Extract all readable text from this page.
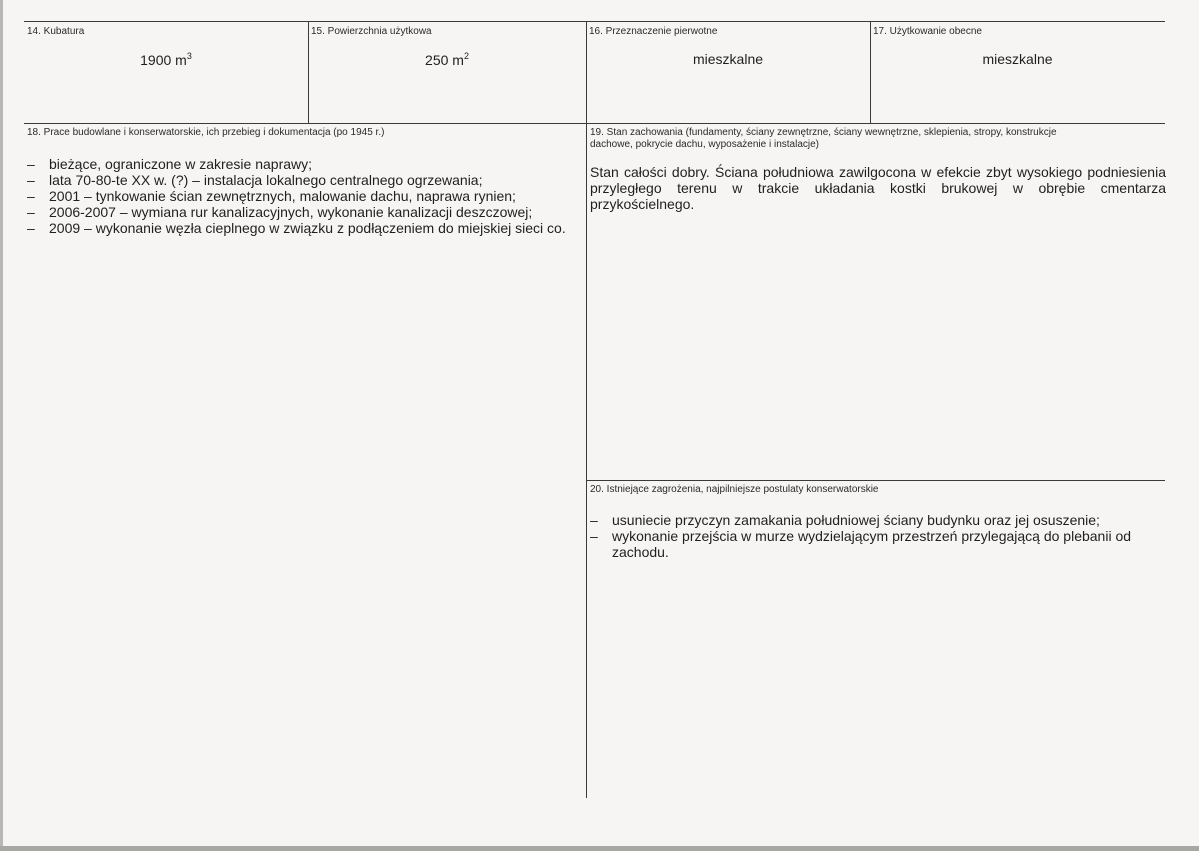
14. Kubatura
1900 $m^3$
15. Powierzchnia użytkowa
250 $m^2$
16. Przeznaczenie pierwotne
mieszkalne
17. Użytkowanie obecne
mieszkalne
18. Prace budowlane i konserwatorskie, ich przebieg i dokumentacja (po 1945 r.)
– bieżące, ograniczone w zakresie naprawy;
– lata 70-80-te XX w. (?) – instalacja lokalnego centralnego ogrzewania;
– 2001 – tynkowanie ścian zewnętrznych, malowanie dachu, naprawa rynien;
– 2006-2007 – wymiana rur kanalizacyjnych, wykonanie kanalizacji deszczowej;
– 2009 – wykonanie węzła cieplnego w związku z podłączeniem do miejskiej sieci co.
19. Stan zachowania (fundamenty, ściany zewnętrzne, ściany wewnętrzne, sklepienia, stropy, konstrukcje dachowe, pokrycie dachu, wyposażenie i instalacje)
Stan całości dobry. Ściana południowa zawilgocona w efekcie zbyt wysokiego podniesienia przyległego terenu w trakcie układania kostki brukowej w obrębie cmentarza przykościelnego.
20. Istniejące zagrożenia, najpilniejsze postulaty konserwatorskie
– usuniecie przyczyn zamakania południowej ściany budynku oraz jej osuszenie;
– wykonanie przejścia w murze wydzielającym przestrzeń przylegającą do plebanii od zachodu.
